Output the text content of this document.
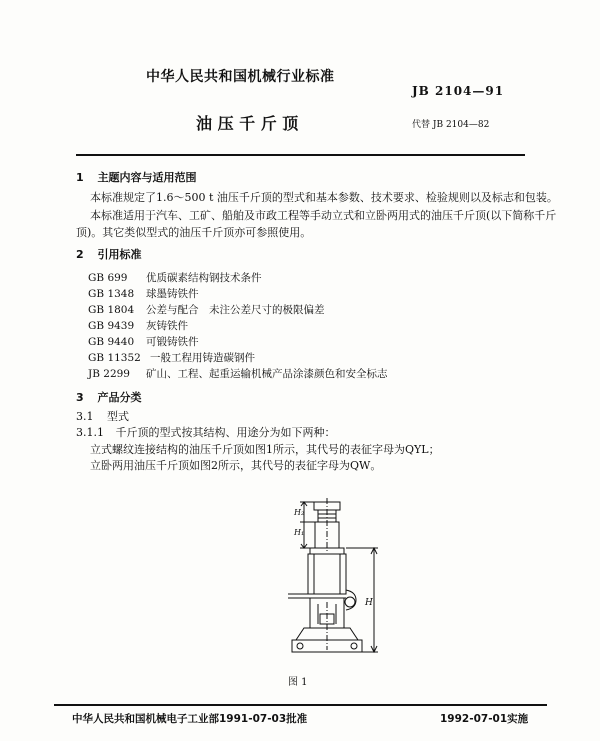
中华人民共和国机械行业标准
JB 2104—91
油 压 千 斤 顶	代替 JB 2104—82
1 主题内容与适用范围
本标准规定了1.6～500 t 油压千斤顶的型式和基本参数、技术要求、检验规则以及标志和包装。
本标准适用于汽车、工矿、船舶及市政工程等手动立式和立卧两用式的油压千斤顶(以下简称千斤
顶)。其它类似型式的油压千斤顶亦可参照使用。
2 引用标准
GB 699 优质碳素结构钢技术条件
GB 1348 球墨铸铁件
GB 1804 公差与配合　未注公差尺寸的极限偏差
GB 9439 灰铸铁件
GB 9440 可锻铸铁件
GB 11352 一般工程用铸造碳钢件
JB 2299 矿山、工程、起重运输机械产品涂漆颜色和安全标志
3 产品分类
3.1 型式
3.1.1 千斤顶的型式按其结构、用途分为如下两种：
立式螺纹连接结构的油压千斤顶如图1所示，其代号的表征字母为QYL；
立卧两用油压千斤顶如图2所示，其代号的表征字母为QW。
H
H₂
H₁
图 1
中华人民共和国机械电子工业部1991-07-03批准	1992-07-01实施
